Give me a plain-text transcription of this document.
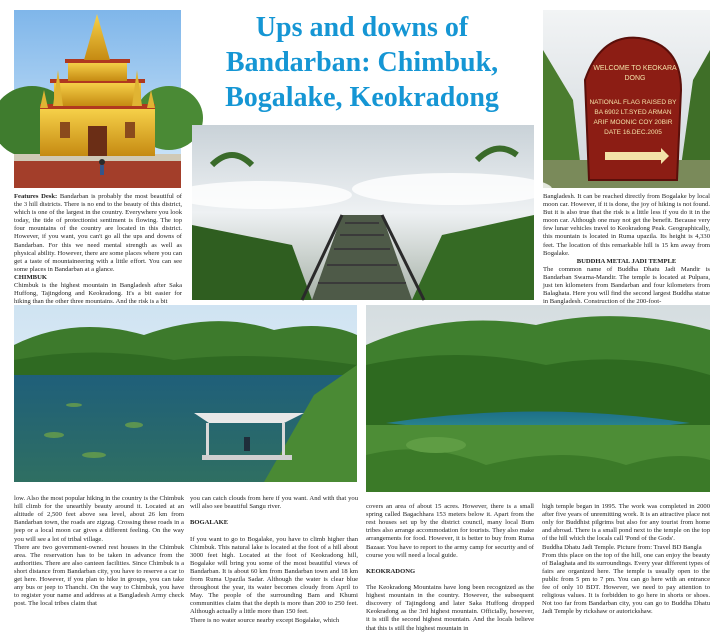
Ups and downs of
Bandarban: Chimbuk,
Bogalake, Keokradong
WELCOME TO KEOKARA
DONG
NATIONAL FLAG RAISED BY
BA 6902 LT.SYED ARMAN
ARIF MOONIC COY 20BIR
DATE 16.DEC.2005

Features Desk: Bandarban is probably the most beautiful of the 3 hill districts. There is no end to the beauty of this district, which is one of the largest in the country. Everywhere you look today, the tide of protectionist sentiment is flowing. The top four mountains of the country are located in this district. However, if you want, you can't go all the ups and downs of Bandarban. For this we need mental strength as well as physical ability. However, there are some places where you can get a taste of mountaineering with a little effort. You can see some places in Bandarban at a glance.

CHIMBUK

Chimbuk is the highest mountain in Bangladesh after Saka Huffong, Tajingdong and Keokradong. It's a bit easier for hiking than the other three mountains. And the risk is a bit

Bangladesh. It can be reached directly from Bogalake by local moon car. However, if it is done, the joy of hiking is not found. But it is also true that the risk is a little less if you do it in the moon car. Although one may not get the benefit. Because very few lunar vehicles travel to Keokradong Peak. Geographically, this mountain is located in Ruma upazila. Its height is 4,330 feet. The location of this remarkable hill is 15 km away from Bogalake.

BUDDHA METAL JADI TEMPLE

The common name of Buddha Dhatu Jadi Mandir is Bandarban Swarna-Mandir. The temple is located at Pulpara, just ten kilometers from Bandarban and four kilometers from Balaghata. Here you will find the second largest Buddha statue in Bangladesh. Construction of the 200-foot-

low. Also the most popular hiking in the country is the Chimbuk hill climb for the unearthly beauty around it. Located at an altitude of 2,500 feet above sea level, about 26 km from Bandarban town, the roads are zigzag. Crossing these roads in a jeep or a local moon car gives a different feeling. On the way you will see a lot of tribal village.
There are two government-owned rest houses in the Chimbuk area. The reservation has to be taken in advance from the authorities. There are also canteen facilities. Since Chimbuk is a short distance from Bandarban city, you have to reserve a car to get here. However, if you plan to hike in groups, you can take any bus or jeep to Thanchi. On the way to Chimbuk, you have to register your name and address at a Bangladesh Army check post. The local tribes claim that

you can catch clouds from here if you want. And with that you will also see beautiful Sangu river.

BOGALAKE

If you want to go to Bogalake, you have to climb higher than Chimbuk. This natural lake is located at the foot of a hill about 3000 feet high. Located at the foot of Keokradong hill, Bogalake will bring you some of the most beautiful views of Bandarban. It is about 60 km from Bandarban town and 18 km from Ruma Upazila Sadar. Although the water is clear blue throughout the year, its water becomes cloudy from April to May. The people of the surrounding Bam and Khumi communities claim that the depth is more than 200 to 250 feet. Although actually a little more than 150 feet.
There is no water source nearby except Bogalake, which

covers an area of about 15 acres. However, there is a small spring called Bagachhara 153 meters below it. Apart from the rest houses set up by the district council, many local Bum tribes also arrange accommodation for tourists. They also make arrangements for food. However, it is better to buy from Ruma Bazaar. You have to report to the army camp for security and of course you will need a local guide.

KEOKRADONG

The Keokradong Mountains have long been recognized as the highest mountain in the country. However, the subsequent discovery of Tajingdong and later Saka Huffong dropped Keokradong as the 3rd highest mountain. Officially, however, it is still the second highest mountain. And the locals believe that this is still the highest mountain in

high temple began in 1995. The work was completed in 2000 after five years of unremitting work. It is an attractive place not only for Buddhist pilgrims but also for any tourist from home and abroad. There is a small pond next to the temple on the top of the hill which the locals call 'Pond of the Gods'.
Buddha Dhatu Jadi Temple. Picture from: Travel BD Bangla
From this place on the top of the hill, one can enjoy the beauty of Balaghata and its surroundings. Every year different types of fairs are organized here. The temple is usually open to the public from 5 pm to 7 pm. You can go here with an entrance fee of only 10 BDT. However, we need to pay attention to religious values. It is forbidden to go here in shorts or shoes. Not too far from Bandarban city, you can go to Buddha Dhatu Jadi Temple by rickshaw or autorickshaw.
